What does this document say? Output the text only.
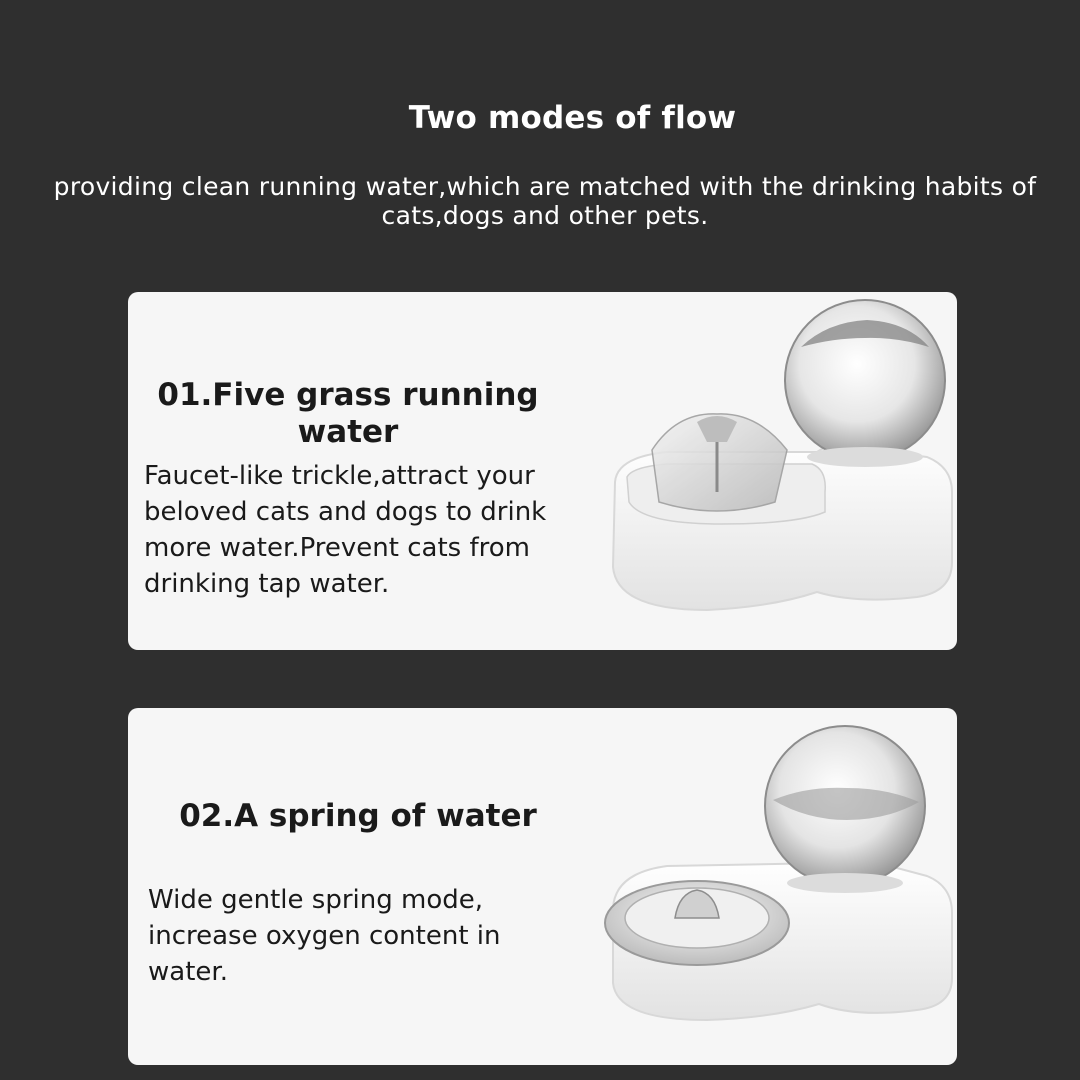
Two modes of flow
providing clean running water,which are matched with the drinking habits of cats,dogs and other pets.
01.Five grass running water
Faucet-like trickle,attract your beloved cats and dogs to drink more water.Prevent cats from drinking tap water.
02.A spring of water
Wide gentle spring mode, increase oxygen content in water.
